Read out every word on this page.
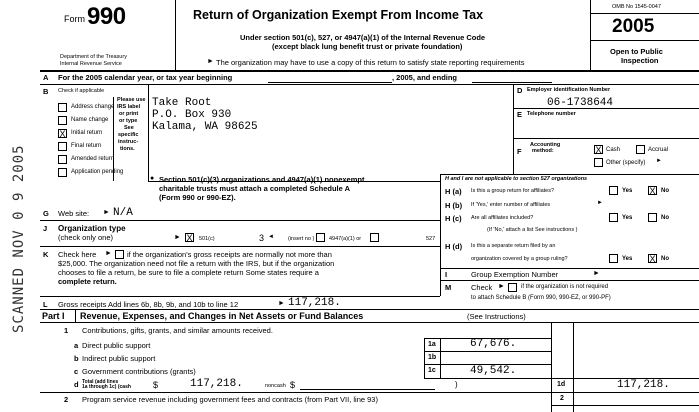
SCANNED NOV 0 9 2005
Form 990
Department of the Treasury
Internal Revenue Service
Return of Organization Exempt From Income Tax
Under section 501(c), 527, or 4947(a)(1) of the Internal Revenue Code
(except black lung benefit trust or private foundation)
► The organization may have to use a copy of this return to satisfy state reporting requirements
OMB No 1545-0047
2005
Open to Public
Inspection
A For the 2005 calendar year, or tax year beginning	, 2005, and ending
B Check if applicable
Address change
Name change
X Initial return
Final return
Amended return
Application pending
Please use
IRS label
or print
or type
See
specific
instruc-
tions.
Take Root
P.O. Box 930
Kalama, WA 98625
D Employer identification Number
06-1738644
E Telephone number
F
Accounting
method:	X Cash	Accrual
Other (specify) ►
● Section 501(c)(3) organizations and 4947(a)(1) nonexempt
charitable trusts must attach a completed Schedule A
(Form 990 or 990-EZ).
H and I are not applicable to section 527 organizations
H (a) Is this a group return for affiliates?	Yes X No
H (b) If 'Yes,' enter number of affiliates	►
H (c) Are all affiliates included?	Yes	No
(If 'No,' attach a list See instructions )
H (d) Is this a separate return filed by an
organization covered by a group ruling?	Yes X No
G Web site: ► N/A
J Organization type
(check only one)	► X 501(c)	3 ◄	(insert no )	4947(a)(1) or	527
K Check here ► if the organization's gross receipts are normally not more than
$25,000. The organization need not file a return with the IRS, but if the organization
chooses to file a return, be sure to file a complete return Some states require a
complete return.
I	Group Exemption Number	►
M	Check ►	if the organization is not required
to attach Schedule B (Form 990, 990-EZ, or 990-PF)
L Gross receipts Add lines 6b, 8b, 9b, and 10b to line 12	► 117,218.
Part I Revenue, Expenses, and Changes in Net Assets or Fund Balances	(See Instructions)
1 Contributions, gifts, grants, and similar amounts received.
a Direct public support	1a	67,676.
b Indirect public support	1b
c Government contributions (grants)	1c	49,542.
d Total (add lines
1a through 1c) (cash $	117,218.	noncash $	)	1d	117,218.
2 Program service revenue including government fees and contracts (from Part VII, line 93)	2
